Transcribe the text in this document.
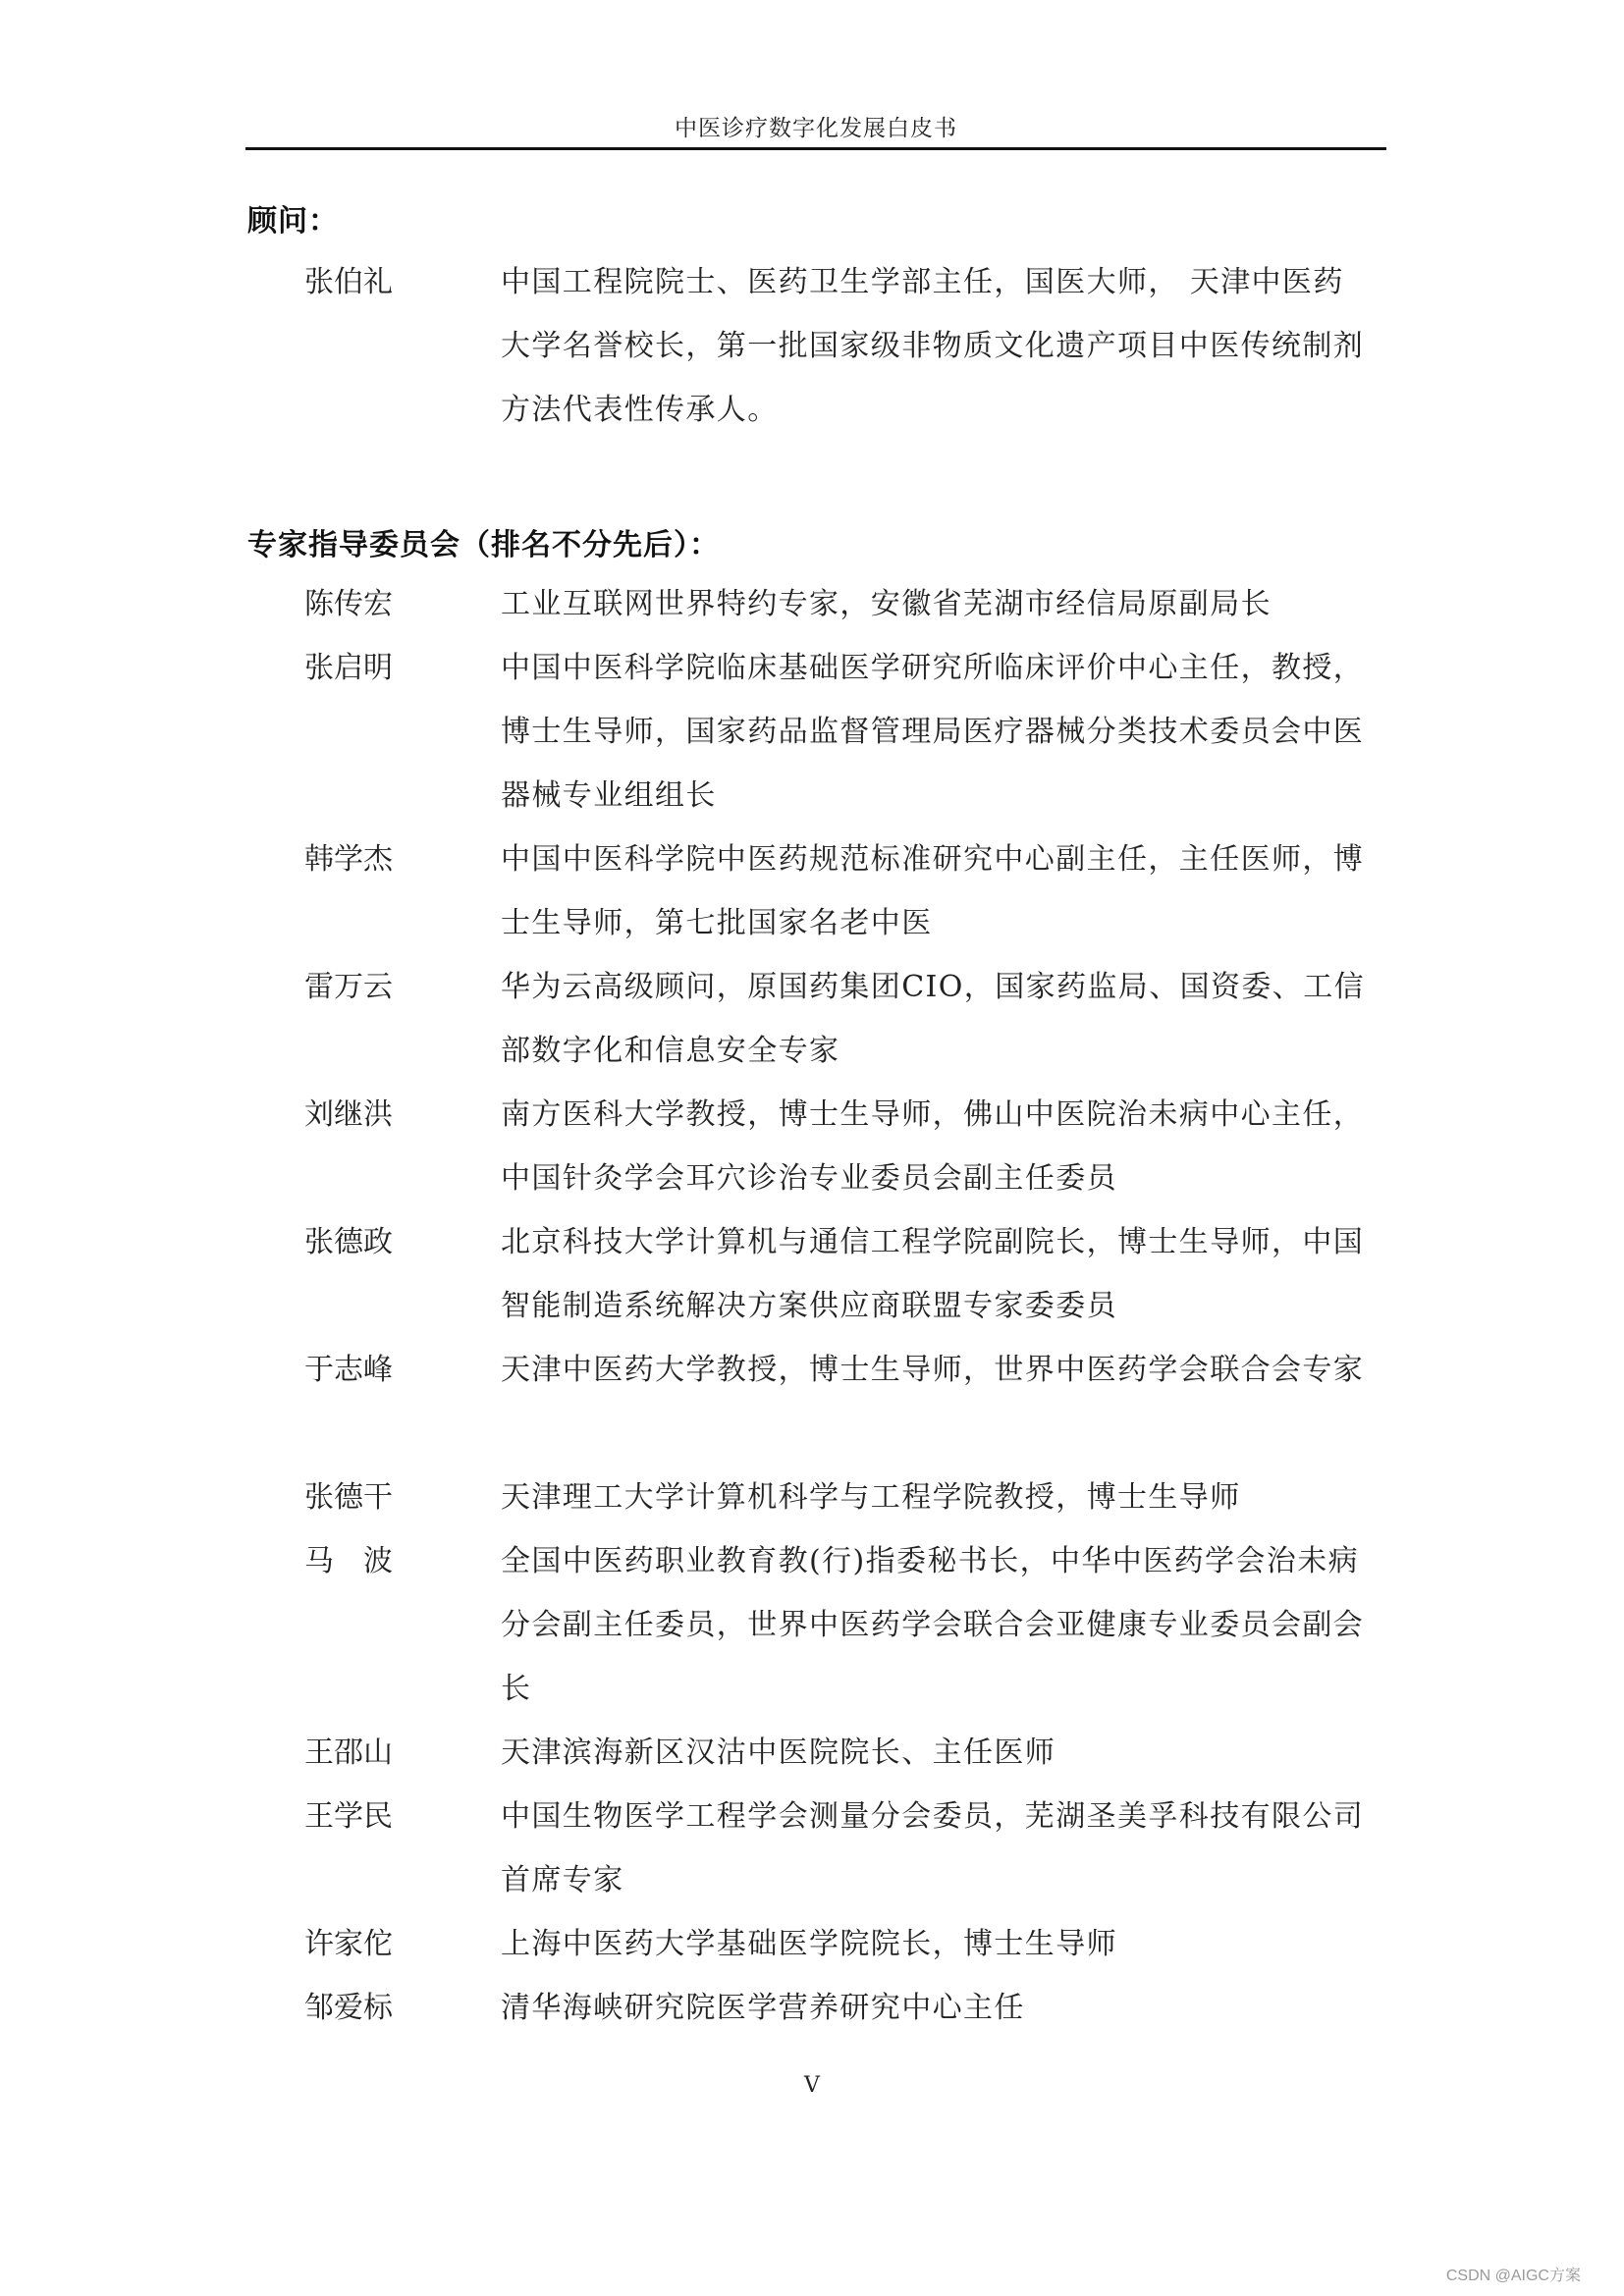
中医诊疗数字化发展白皮书
顾问：
张伯礼	中国工程院院士、医药卫生学部主任，国医大师， 天津中医药大学名誉校长，第一批国家级非物质文化遗产项目中医传统制剂方法代表性传承人。
专家指导委员会（排名不分先后）：
陈传宏	工业互联网世界特约专家，安徽省芜湖市经信局原副局长
张启明	中国中医科学院临床基础医学研究所临床评价中心主任，教授，博士生导师，国家药品监督管理局医疗器械分类技术委员会中医器械专业组组长
韩学杰	中国中医科学院中医药规范标准研究中心副主任，主任医师，博士生导师，第七批国家名老中医
雷万云	华为云高级顾问，原国药集团CIO，国家药监局、国资委、工信部数字化和信息安全专家
刘继洪	南方医科大学教授，博士生导师，佛山中医院治未病中心主任，中国针灸学会耳穴诊治专业委员会副主任委员
张德政	北京科技大学计算机与通信工程学院副院长，博士生导师，中国智能制造系统解决方案供应商联盟专家委委员
于志峰	天津中医药大学教授，博士生导师，世界中医药学会联合会专家
张德干	天津理工大学计算机科学与工程学院教授，博士生导师
马　波	全国中医药职业教育教(行)指委秘书长，中华中医药学会治未病分会副主任委员，世界中医药学会联合会亚健康专业委员会副会长
王邵山	天津滨海新区汉沽中医院院长、主任医师
王学民	中国生物医学工程学会测量分会委员，芜湖圣美孚科技有限公司首席专家
许家佗	上海中医药大学基础医学院院长，博士生导师
邹爱标	清华海峡研究院医学营养研究中心主任
V
CSDN @AIGC方案
